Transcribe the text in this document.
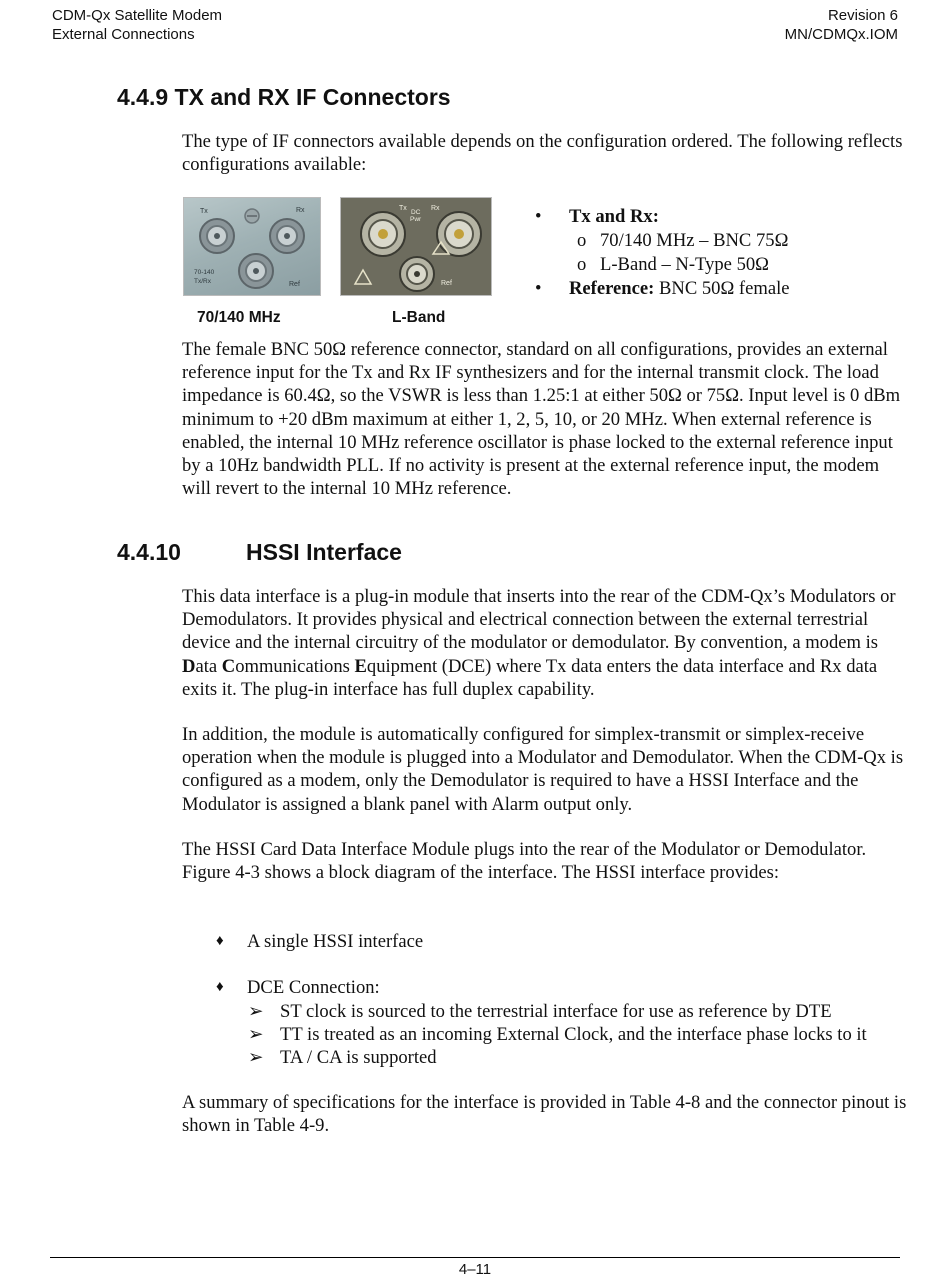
CDM-Qx Satellite Modem
External Connections
Revision 6
MN/CDMQx.IOM
4.4.9 TX and RX IF Connectors

The type of IF connectors available depends on the configuration ordered. The following reflects configurations available:

Tx	Rx
70-140
Tx/Rx	Ref
Tx
DC
Pwr
Rx
Ref
70/140 MHz	L-Band
• Tx and Rx:
o 70/140 MHz – BNC 75Ω
o L-Band – N-Type 50Ω
• Reference: BNC 50Ω female

The female BNC 50Ω reference connector, standard on all configurations, provides an external reference input for the Tx and Rx IF synthesizers and for the internal transmit clock. The load impedance is 60.4Ω, so the VSWR is less than 1.25:1 at either 50Ω or 75Ω. Input level is 0 dBm minimum to +20 dBm maximum at either 1, 2, 5, 10, or 20 MHz. When external reference is enabled, the internal 10 MHz reference oscillator is phase locked to the external reference input by a 10Hz bandwidth PLL. If no activity is present at the external reference input, the modem will revert to the internal 10 MHz reference.

4.4.10	HSSI Interface

This data interface is a plug-in module that inserts into the rear of the CDM-Qx’s Modulators or Demodulators. It provides physical and electrical connection between the external terrestrial device and the internal circuitry of the modulator or demodulator. By convention, a modem is Data Communications Equipment (DCE) where Tx data enters the data interface and Rx data exits it. The plug-in interface has full duplex capability.

In addition, the module is automatically configured for simplex-transmit or simplex-receive operation when the module is plugged into a Modulator and Demodulator. When the CDM-Qx is configured as a modem, only the Demodulator is required to have a HSSI Interface and the Modulator is assigned a blank panel with Alarm output only.

The HSSI Card Data Interface Module plugs into the rear of the Modulator or Demodulator. Figure 4-3 shows a block diagram of the interface. The HSSI interface provides:

♦ A single HSSI interface
♦ DCE Connection:
➢ ST clock is sourced to the terrestrial interface for use as reference by DTE
➢ TT is treated as an incoming External Clock, and the interface phase locks to it
➢ TA / CA is supported

A summary of specifications for the interface is provided in Table 4-8 and the connector pinout is shown in Table 4-9.

4–11
